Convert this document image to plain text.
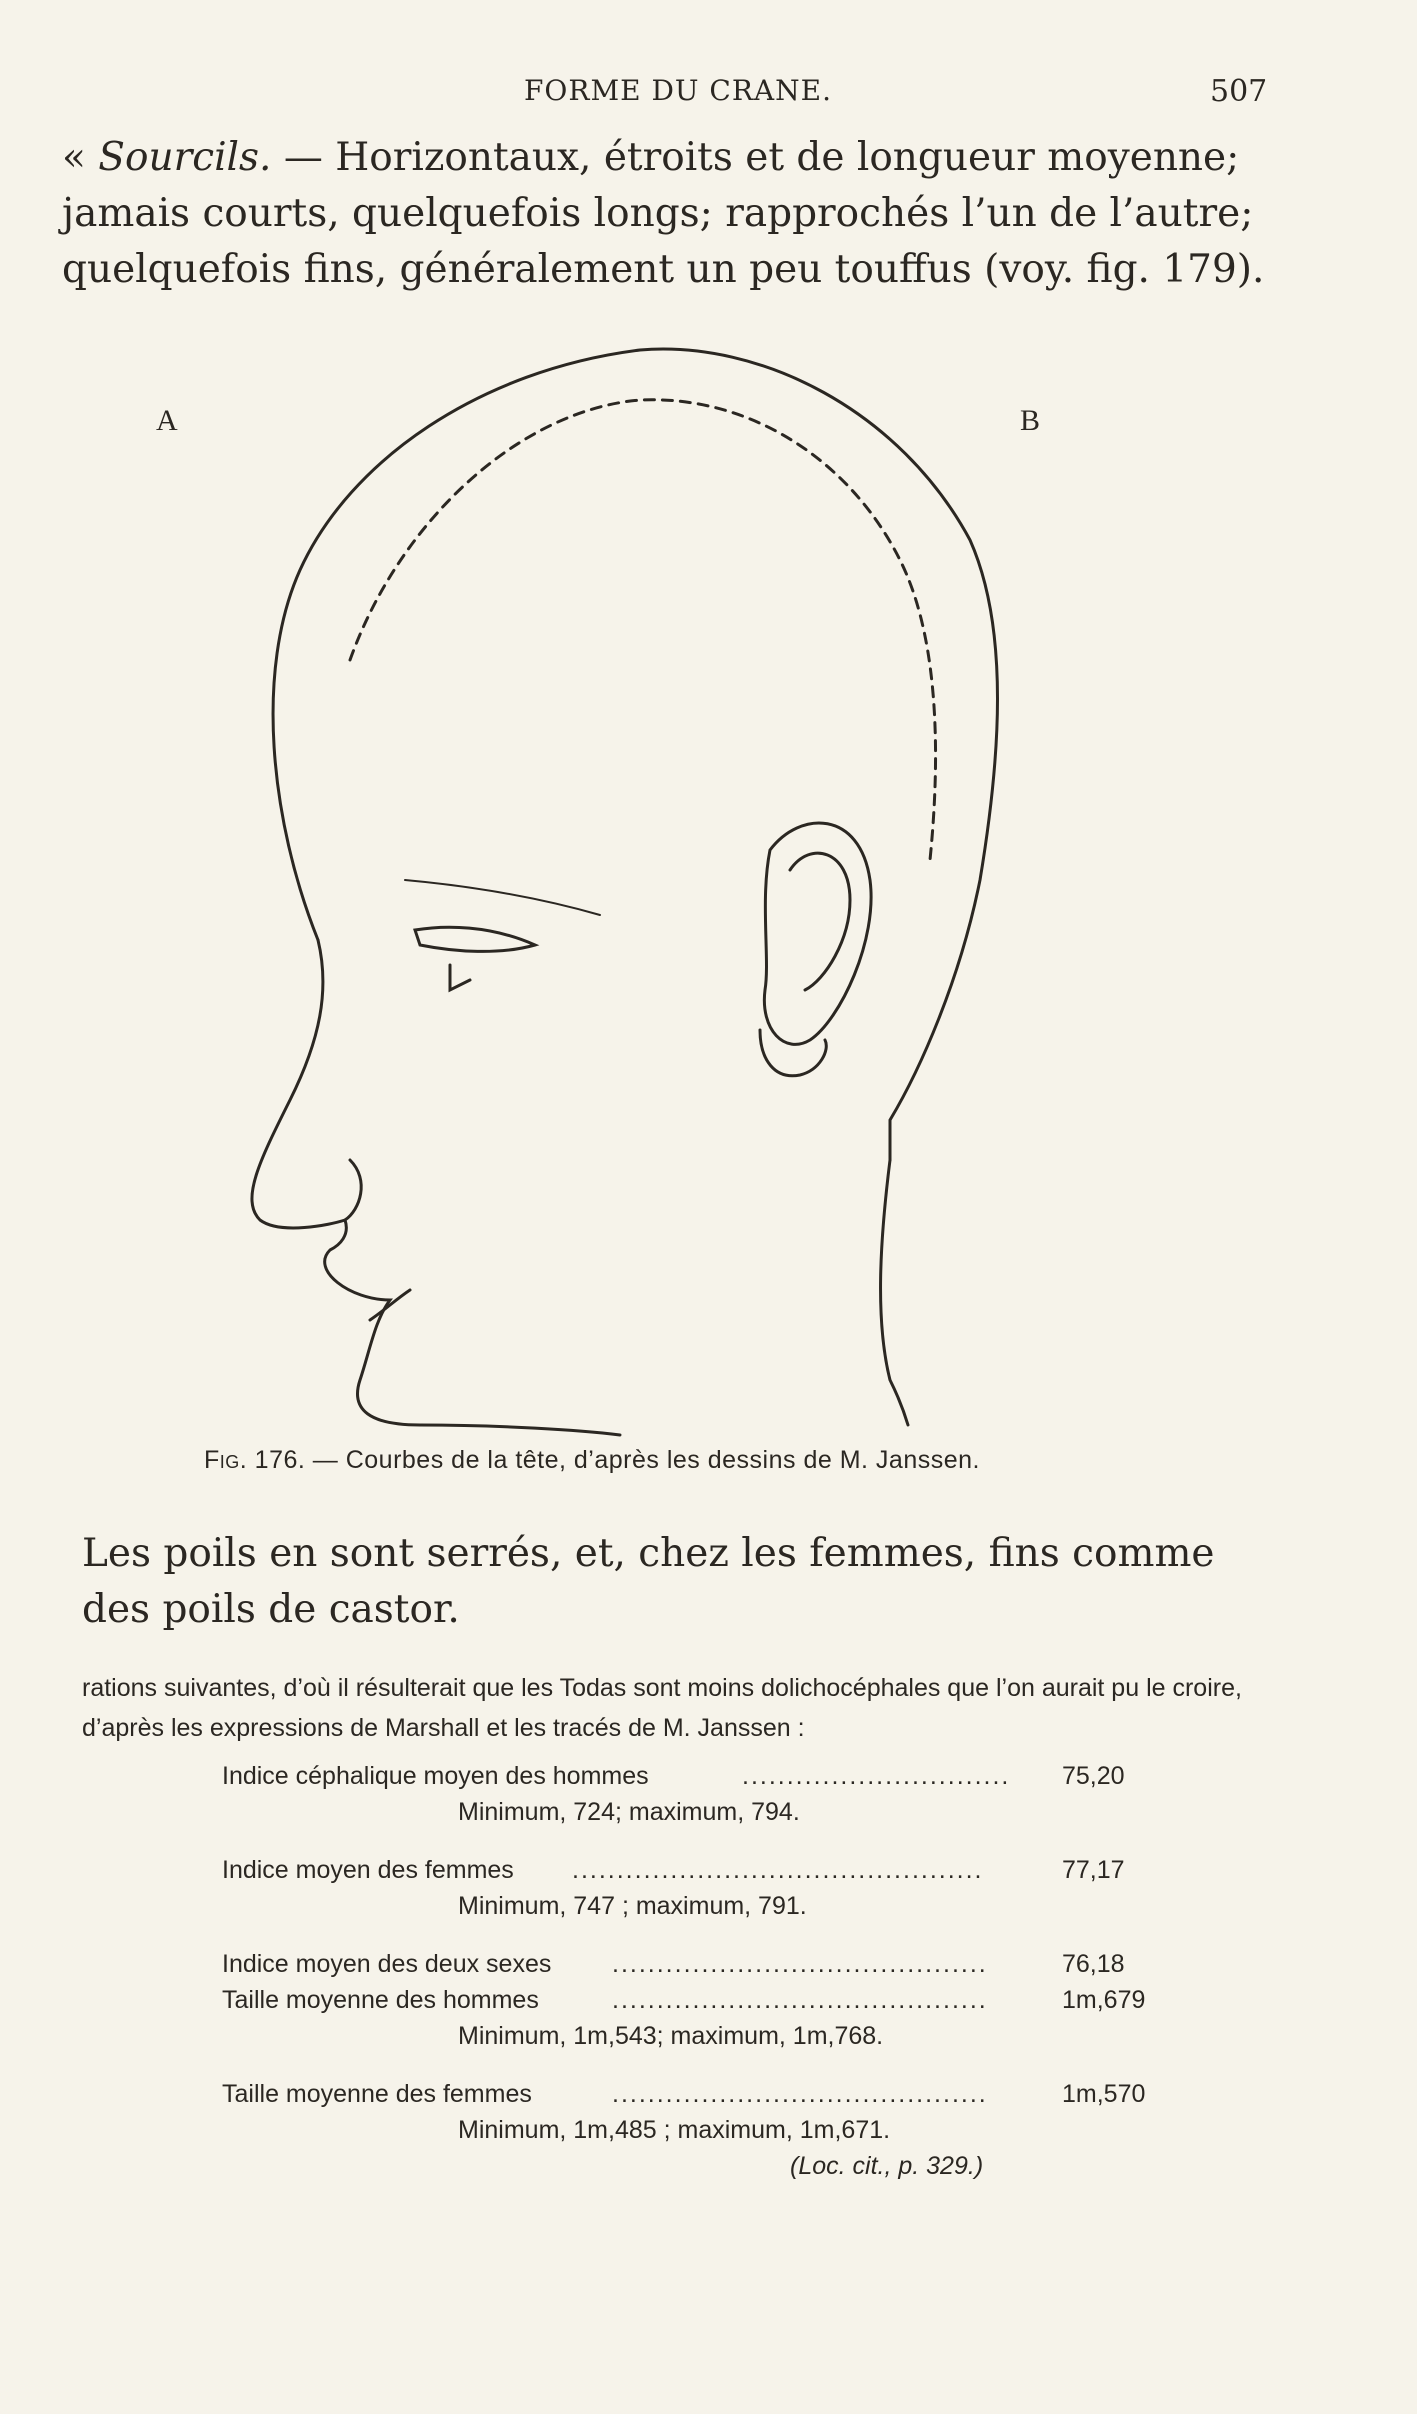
FORME DU CRANE.	507
« Sourcils. — Horizontaux, étroits et de longueur moyenne; jamais courts, quelquefois longs; rapprochés l’un de l’autre; quelquefois fins, généralement un peu touffus (voy. fig. 179).
A	B
Fig. 176. — Courbes de la tête, d’après les dessins de M. Janssen.
Les poils en sont serrés, et, chez les femmes, fins comme des poils de castor.
rations suivantes, d’où il résulterait que les Todas sont moins dolichocéphales que l’on aurait pu le croire, d’après les expressions de Marshall et les tracés de M. Janssen :
Indice céphalique moyen des hommes	..............................	75,20
Minimum, 724; maximum, 794.
Indice moyen des femmes ..............................................	77,17
Minimum, 747 ; maximum, 791.
Indice moyen des deux sexes ..........................................	76,18
Taille moyenne des hommes	..........................................	1m,679
Minimum, 1m,543; maximum, 1m,768.
Taille moyenne des femmes	..........................................	1m,570
Minimum, 1m,485 ; maximum, 1m,671.
(Loc. cit., p. 329.)
